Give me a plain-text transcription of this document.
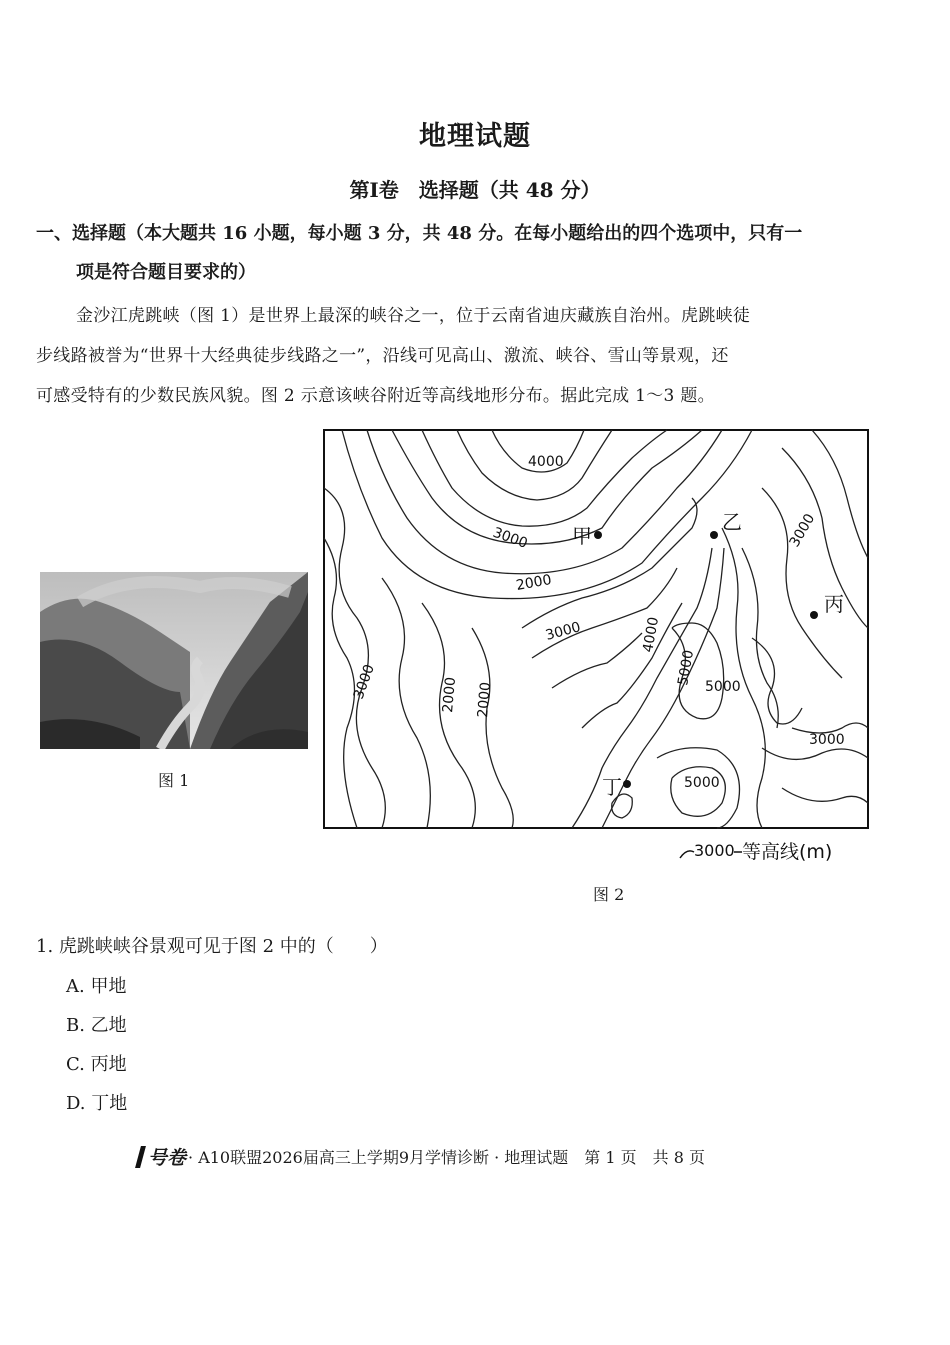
地理试题
第Ⅰ卷　选择题（共 48 分）
一、选择题（本大题共 16 小题，每小题 3 分，共 48 分。在每小题给出的四个选项中，只有一
项是符合题目要求的）
金沙江虎跳峡（图 1）是世界上最深的峡谷之一，位于云南省迪庆藏族自治州。虎跳峡徒
步线路被誉为“世界十大经典徒步线路之一”，沿线可见高山、激流、峡谷、雪山等景观，还
可感受特有的少数民族风貌。图 2 示意该峡谷附近等高线地形分布。据此完成 1～3 题。
图 1
4000
3000
2000
3000
3000	2000 2000
3000	4000
5000
5000
3000
5000
甲
乙
丙
丁
3000 等高线(m)
图 2
1. 虎跳峡峡谷景观可见于图 2 中的（　　）
A. 甲地
B. 乙地
C. 丙地
D. 丁地
号卷 · A10联盟2026届高三上学期9月学情诊断 · 地理试题　第 1 页　共 8 页
